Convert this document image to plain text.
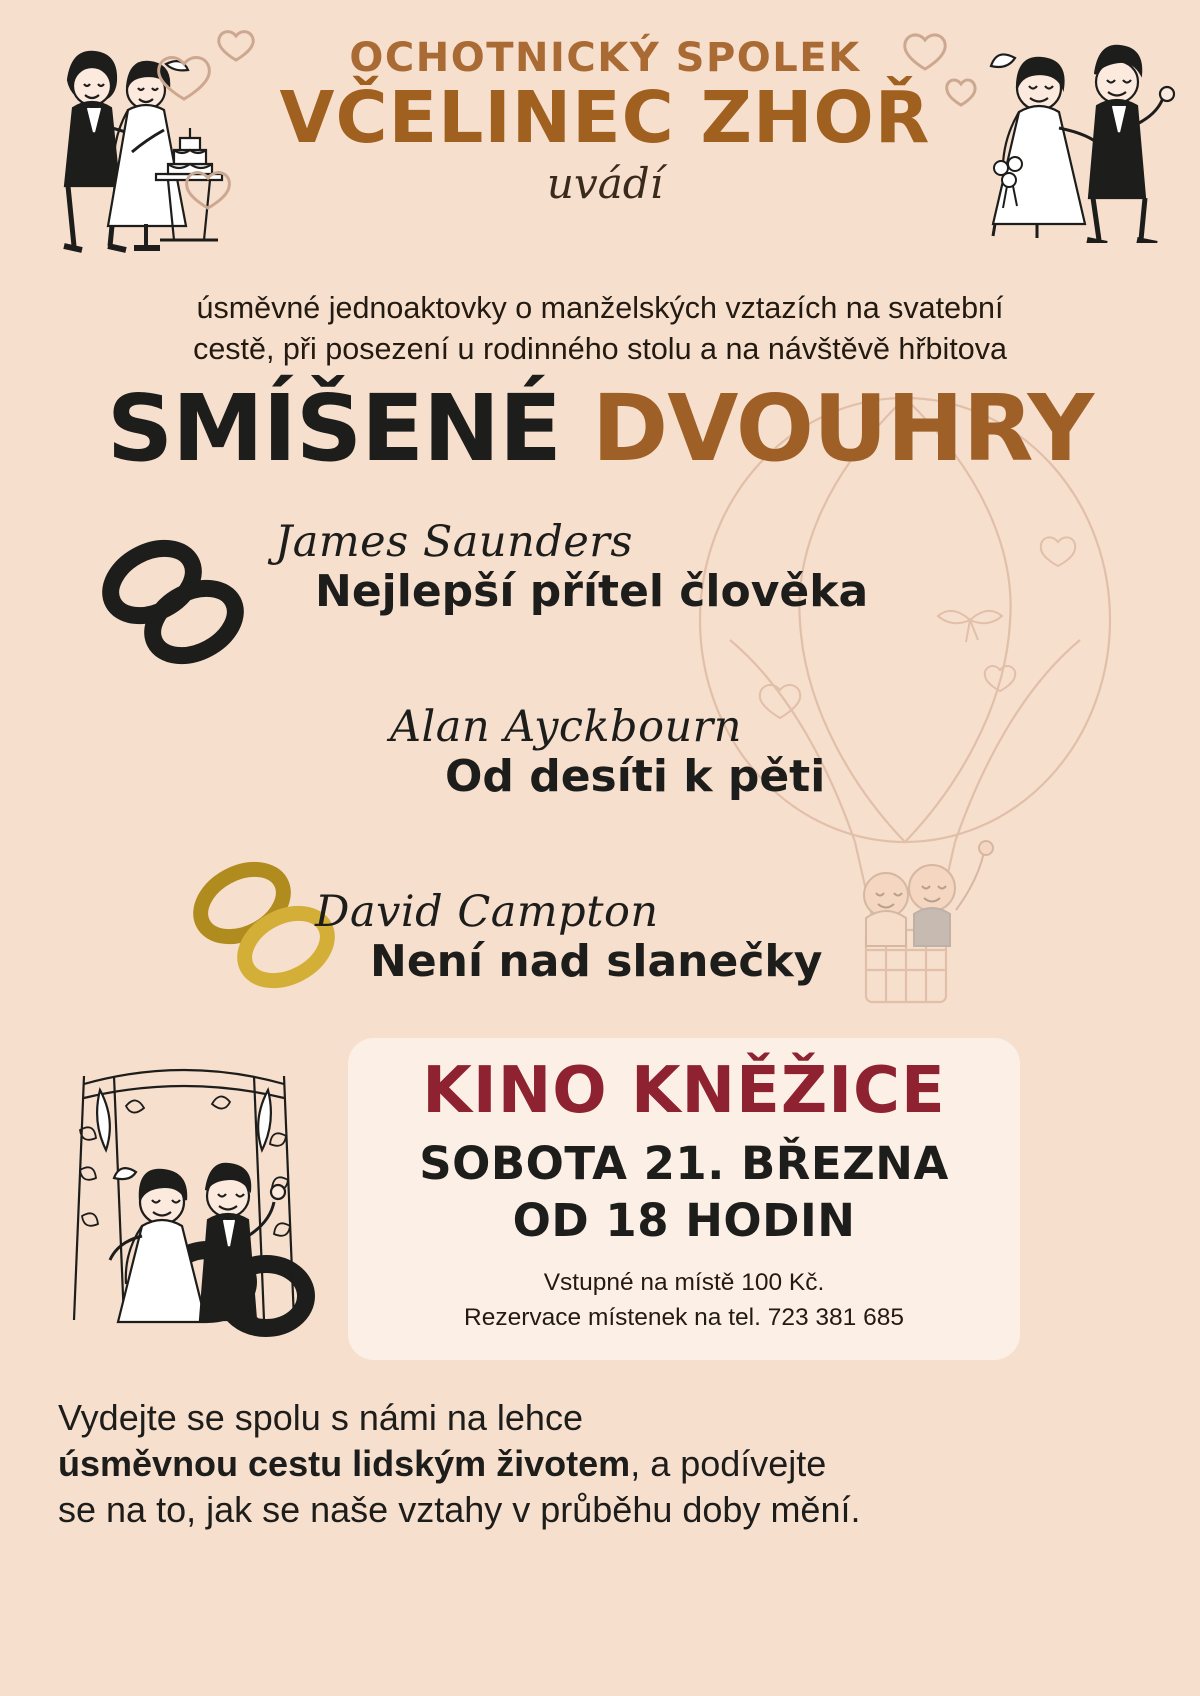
OCHOTNICKÝ SPOLEK
VČELINEC ZHOŘ
uvádí
úsměvné jednoaktovky o manželských vztazích na svatební
cestě, při posezení u rodinného stolu a na návštěvě hřbitova
SMÍŠENÉ DVOUHRY
James Saunders
Nejlepší přítel člověka
Alan Ayckbourn
Od desíti k pěti
David Campton
Není nad slanečky
KINO KNĚŽICE
SOBOTA 21. BŘEZNA
OD 18 HODIN
Vstupné na místě 100 Kč.
Rezervace místenek na tel. 723 381 685
Vydejte se spolu s námi na lehce
úsměvnou cestu lidským životem, a podívejte
se na to, jak se naše vztahy v průběhu doby mění.
